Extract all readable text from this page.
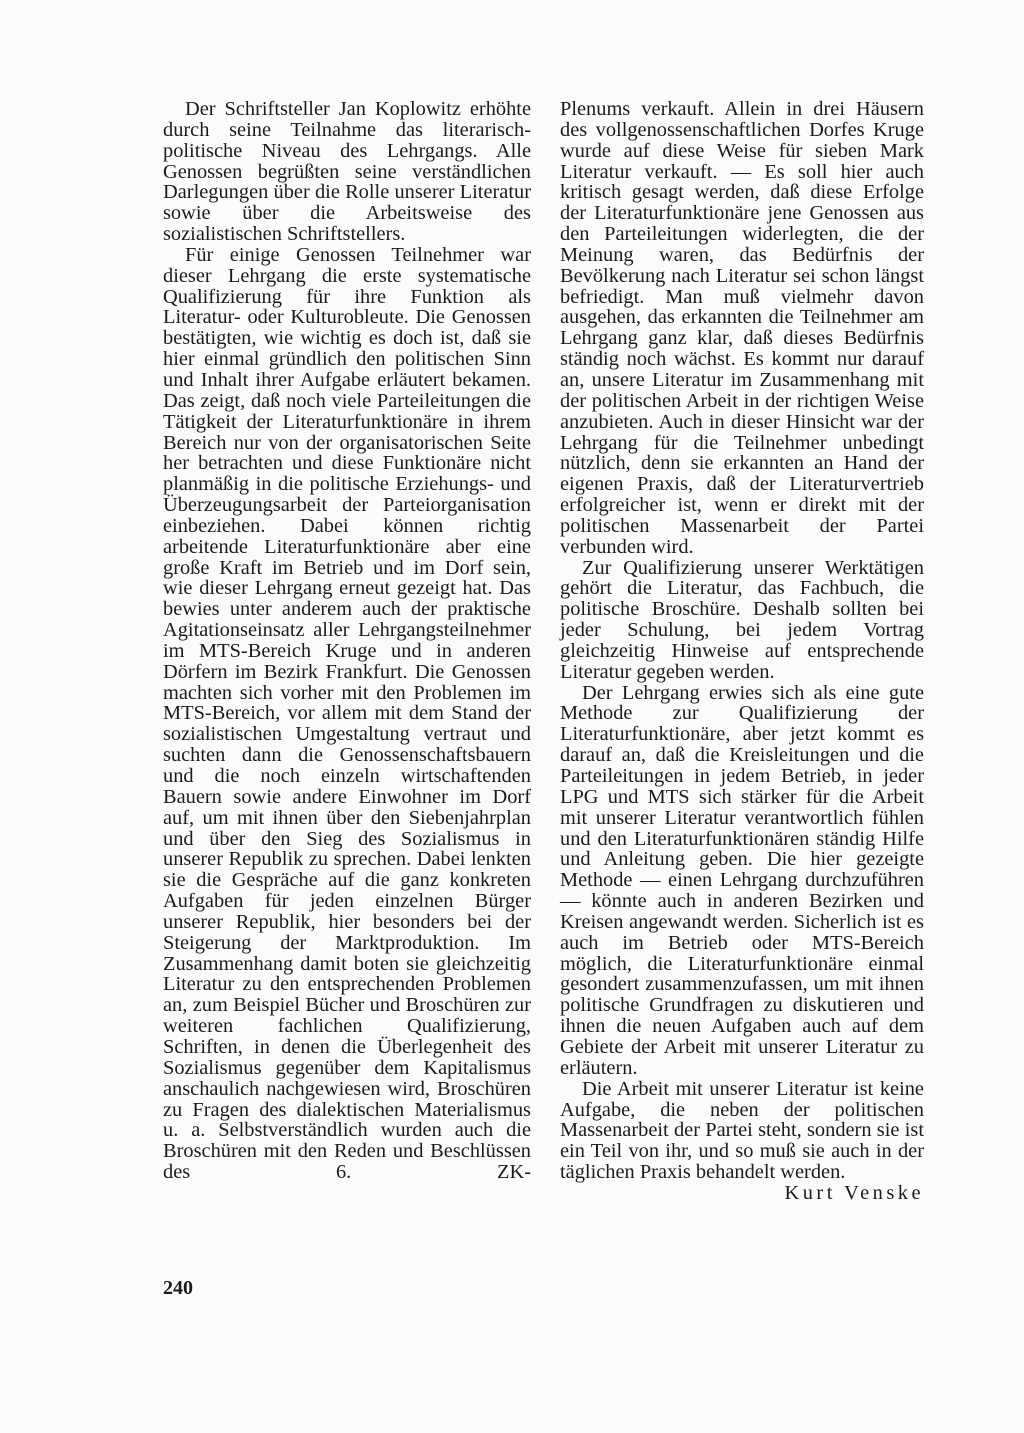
Der Schriftsteller Jan Koplowitz erhöhte durch seine Teilnahme das literarisch-politische Niveau des Lehrgangs. Alle Genossen begrüßten seine verständlichen Darlegungen über die Rolle unserer Literatur sowie über die Arbeitsweise des sozialistischen Schriftstellers.

Für einige Genossen Teilnehmer war dieser Lehrgang die erste systematische Qualifizierung für ihre Funktion als Literatur- oder Kulturobleute. Die Genossen bestätigten, wie wichtig es doch ist, daß sie hier einmal gründlich den politischen Sinn und Inhalt ihrer Aufgabe erläutert bekamen. Das zeigt, daß noch viele Parteileitungen die Tätigkeit der Literaturfunktionäre in ihrem Bereich nur von der organisatorischen Seite her betrachten und diese Funktionäre nicht planmäßig in die politische Erziehungs- und Überzeugungsarbeit der Parteiorganisation einbeziehen. Dabei können richtig arbeitende Literaturfunktionäre aber eine große Kraft im Betrieb und im Dorf sein, wie dieser Lehrgang erneut gezeigt hat. Das bewies unter anderem auch der praktische Agitationseinsatz aller Lehrgangsteilnehmer im MTS-Bereich Kruge und in anderen Dörfern im Bezirk Frankfurt. Die Genossen machten sich vorher mit den Problemen im MTS-Bereich, vor allem mit dem Stand der sozialistischen Umgestaltung vertraut und suchten dann die Genossenschaftsbauern und die noch einzeln wirtschaftenden Bauern sowie andere Einwohner im Dorf auf, um mit ihnen über den Siebenjahrplan und über den Sieg des Sozialismus in unserer Republik zu sprechen. Dabei lenkten sie die Gespräche auf die ganz konkreten Aufgaben für jeden einzelnen Bürger unserer Republik, hier besonders bei der Steigerung der Marktproduktion. Im Zusammenhang damit boten sie gleichzeitig Literatur zu den entsprechenden Problemen an, zum Beispiel Bücher und Broschüren zur weiteren fachlichen Qualifizierung, Schriften, in denen die Überlegenheit des Sozialismus gegenüber dem Kapitalismus anschaulich nachgewiesen wird, Broschüren zu Fragen des dialektischen Materialismus u. a. Selbstverständlich wurden auch die Broschüren mit den Reden und Beschlüssen des 6. ZK-

Plenums verkauft. Allein in drei Häusern des vollgenossenschaftlichen Dorfes Kruge wurde auf diese Weise für sieben Mark Literatur verkauft. — Es soll hier auch kritisch gesagt werden, daß diese Erfolge der Literaturfunktionäre jene Genossen aus den Parteileitungen widerlegten, die der Meinung waren, das Bedürfnis der Bevölkerung nach Literatur sei schon längst befriedigt. Man muß vielmehr davon ausgehen, das erkannten die Teilnehmer am Lehrgang ganz klar, daß dieses Bedürfnis ständig noch wächst. Es kommt nur darauf an, unsere Literatur im Zusammenhang mit der politischen Arbeit in der richtigen Weise anzubieten. Auch in dieser Hinsicht war der Lehrgang für die Teilnehmer unbedingt nützlich, denn sie erkannten an Hand der eigenen Praxis, daß der Literaturvertrieb erfolgreicher ist, wenn er direkt mit der politischen Massenarbeit der Partei verbunden wird.

Zur Qualifizierung unserer Werktätigen gehört die Literatur, das Fachbuch, die politische Broschüre. Deshalb sollten bei jeder Schulung, bei jedem Vortrag gleichzeitig Hinweise auf entsprechende Literatur gegeben werden.

Der Lehrgang erwies sich als eine gute Methode zur Qualifizierung der Literaturfunktionäre, aber jetzt kommt es darauf an, daß die Kreisleitungen und die Parteileitungen in jedem Betrieb, in jeder LPG und MTS sich stärker für die Arbeit mit unserer Literatur verantwortlich fühlen und den Literaturfunktionären ständig Hilfe und Anleitung geben. Die hier gezeigte Methode — einen Lehrgang durchzuführen — könnte auch in anderen Bezirken und Kreisen angewandt werden. Sicherlich ist es auch im Betrieb oder MTS-Bereich möglich, die Literaturfunktionäre einmal gesondert zusammenzufassen, um mit ihnen politische Grundfragen zu diskutieren und ihnen die neuen Aufgaben auch auf dem Gebiete der Arbeit mit unserer Literatur zu erläutern.

Die Arbeit mit unserer Literatur ist keine Aufgabe, die neben der politischen Massenarbeit der Partei steht, sondern sie ist ein Teil von ihr, und so muß sie auch in der täglichen Praxis behandelt werden.
Kurt Venske

240
